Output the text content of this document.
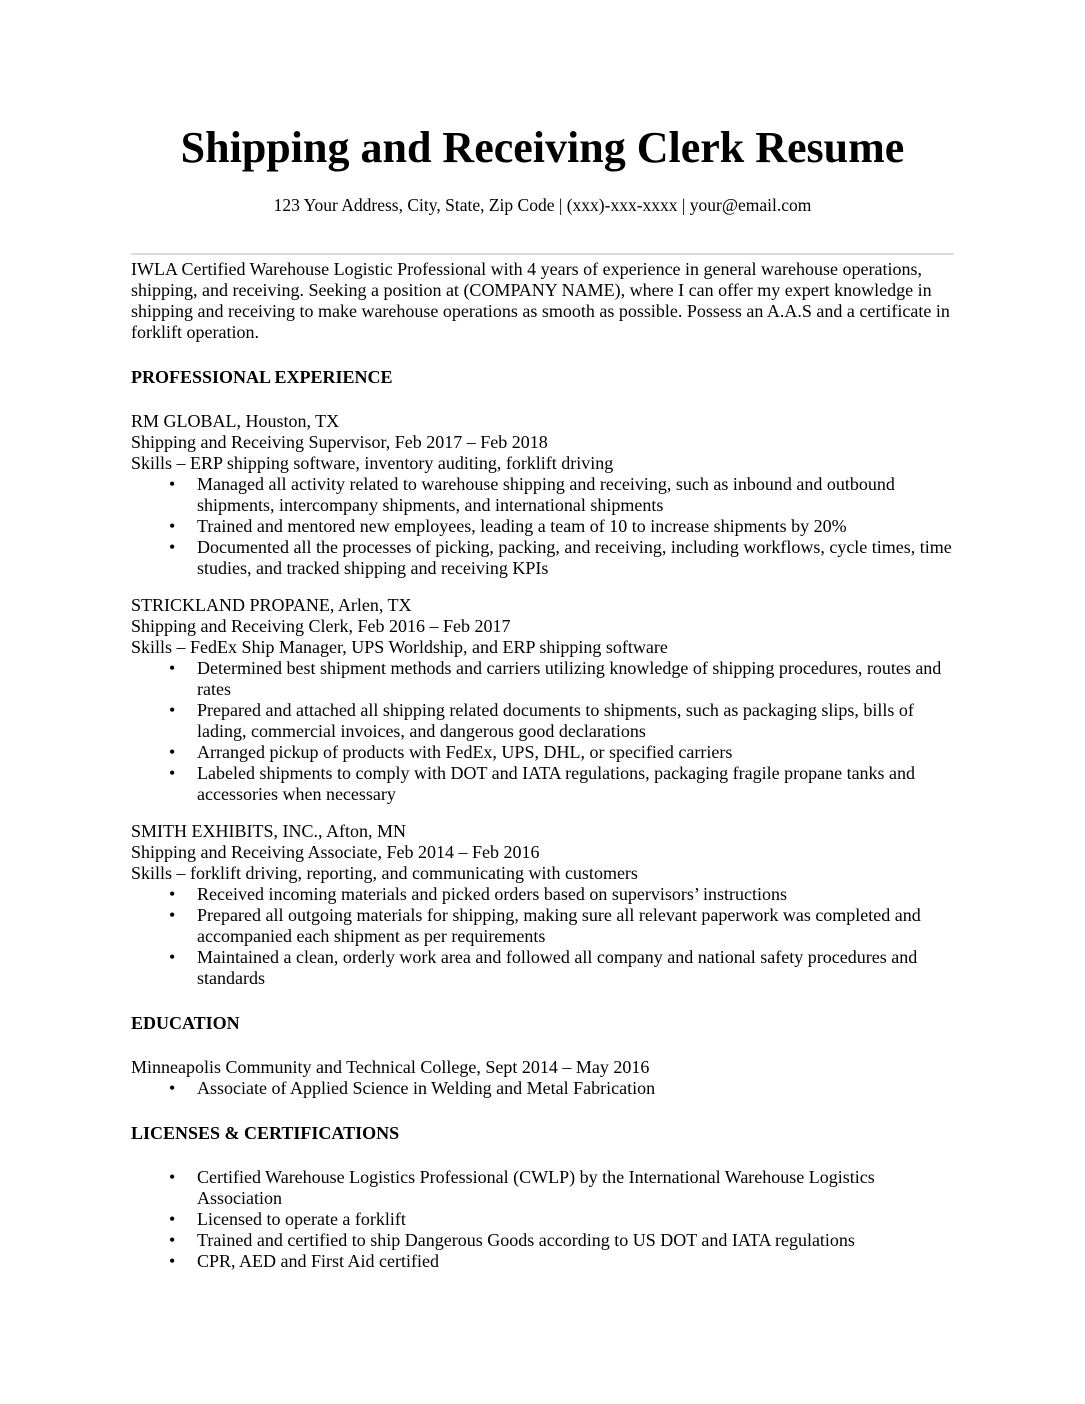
Shipping and Receiving Clerk Resume
123 Your Address, City, State, Zip Code | (xxx)-xxx-xxxx | your@email.com

IWLA Certified Warehouse Logistic Professional with 4 years of experience in general warehouse operations, shipping, and receiving. Seeking a position at (COMPANY NAME), where I can offer my expert knowledge in shipping and receiving to make warehouse operations as smooth as possible. Possess an A.A.S and a certificate in forklift operation.

PROFESSIONAL EXPERIENCE
RM GLOBAL, Houston, TX
Shipping and Receiving Supervisor, Feb 2017 – Feb 2018
Skills – ERP shipping software, inventory auditing, forklift driving
• Managed all activity related to warehouse shipping and receiving, such as inbound and outbound shipments, intercompany shipments, and international shipments
• Trained and mentored new employees, leading a team of 10 to increase shipments by 20%
• Documented all the processes of picking, packing, and receiving, including workflows, cycle times, time studies, and tracked shipping and receiving KPIs
STRICKLAND PROPANE, Arlen, TX
Shipping and Receiving Clerk, Feb 2016 – Feb 2017
Skills – FedEx Ship Manager, UPS Worldship, and ERP shipping software
• Determined best shipment methods and carriers utilizing knowledge of shipping procedures, routes and rates
• Prepared and attached all shipping related documents to shipments, such as packaging slips, bills of lading, commercial invoices, and dangerous good declarations
• Arranged pickup of products with FedEx, UPS, DHL, or specified carriers
• Labeled shipments to comply with DOT and IATA regulations, packaging fragile propane tanks and accessories when necessary
SMITH EXHIBITS, INC., Afton, MN
Shipping and Receiving Associate, Feb 2014 – Feb 2016
Skills – forklift driving, reporting, and communicating with customers
• Received incoming materials and picked orders based on supervisors’ instructions
• Prepared all outgoing materials for shipping, making sure all relevant paperwork was completed and accompanied each shipment as per requirements
• Maintained a clean, orderly work area and followed all company and national safety procedures and standards
EDUCATION
Minneapolis Community and Technical College, Sept 2014 – May 2016
• Associate of Applied Science in Welding and Metal Fabrication
LICENSES & CERTIFICATIONS
• Certified Warehouse Logistics Professional (CWLP) by the International Warehouse Logistics Association
• Licensed to operate a forklift
• Trained and certified to ship Dangerous Goods according to US DOT and IATA regulations
• CPR, AED and First Aid certified
